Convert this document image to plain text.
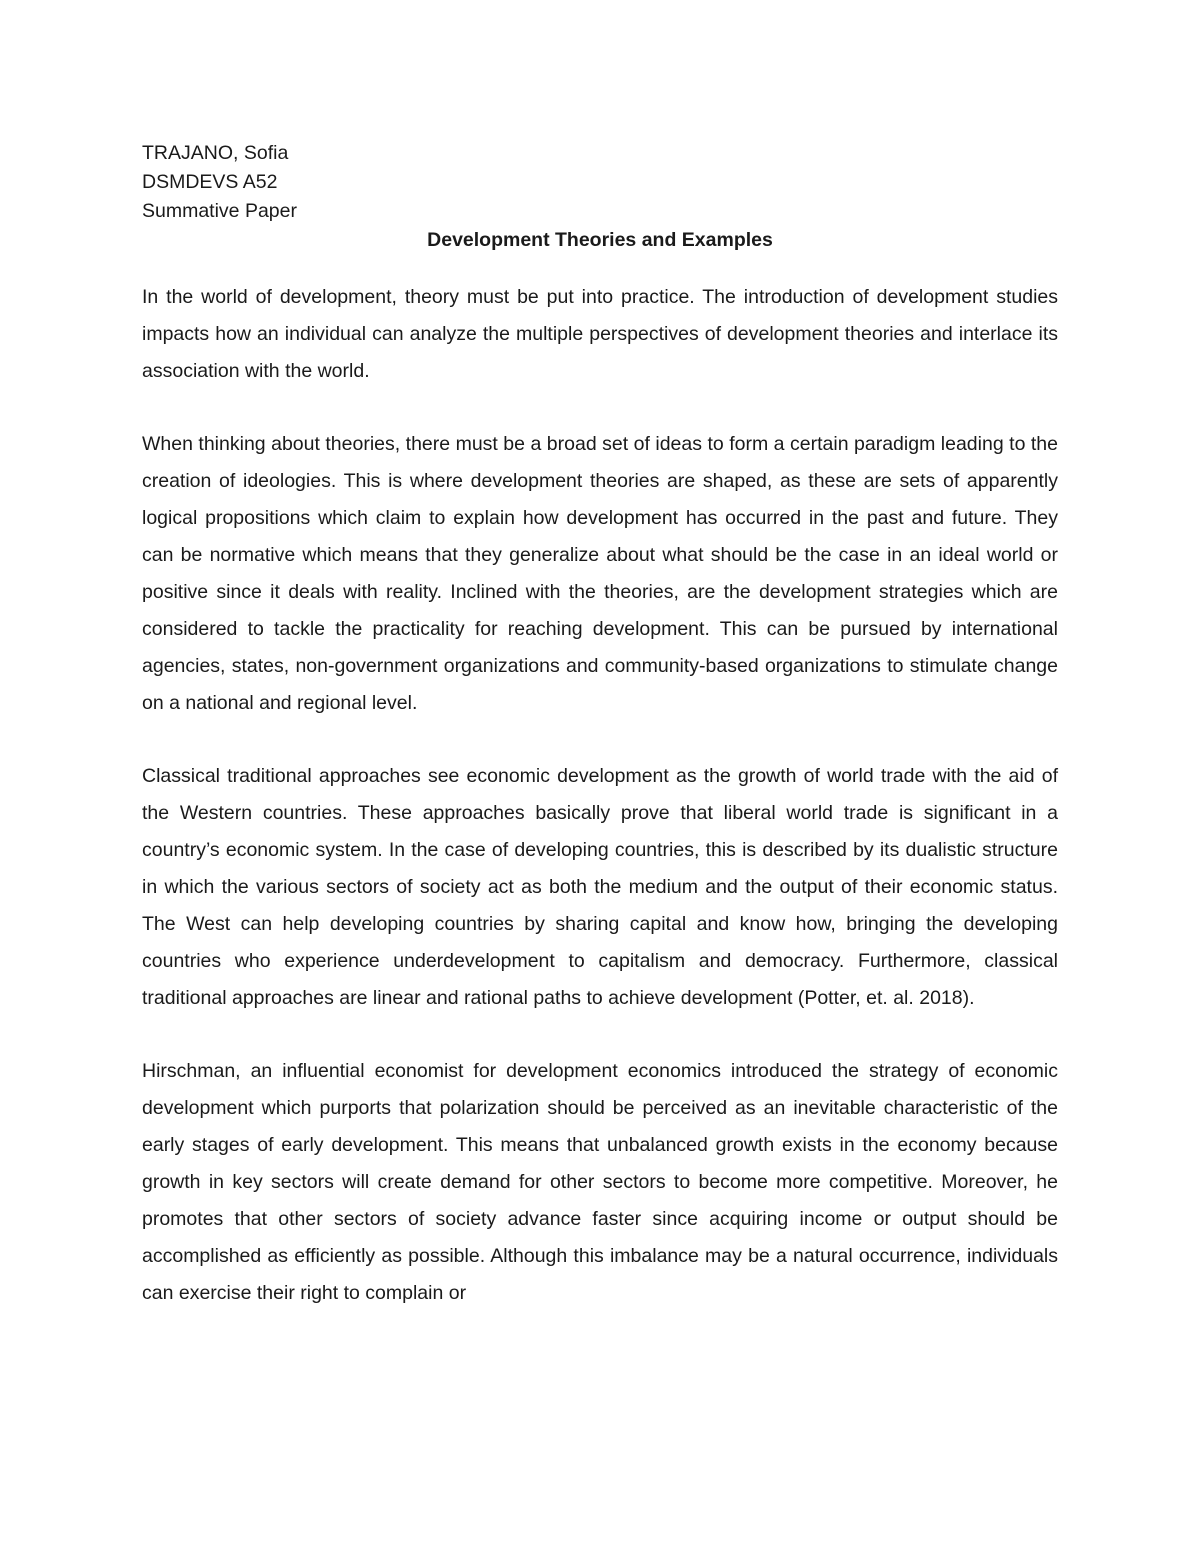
TRAJANO, Sofia

DSMDEVS A52

Summative Paper

Development Theories and Examples

In the world of development, theory must be put into practice. The introduction of development studies impacts how an individual can analyze the multiple perspectives of development theories and interlace its association with the world.

When thinking about theories, there must be a broad set of ideas to form a certain paradigm leading to the creation of ideologies. This is where development theories are shaped, as these are sets of apparently logical propositions which claim to explain how development has occurred in the past and future. They can be normative which means that they generalize about what should be the case in an ideal world or positive since it deals with reality. Inclined with the theories, are the development strategies which are considered to tackle the practicality for reaching development. This can be pursued by international agencies, states, non-government organizations and community-based organizations to stimulate change on a national and regional level.

Classical traditional approaches see economic development as the growth of world trade with the aid of the Western countries. These approaches basically prove that liberal world trade is significant in a country’s economic system. In the case of developing countries, this is described by its dualistic structure in which the various sectors of society act as both the medium and the output of their economic status. The West can help developing countries by sharing capital and know how, bringing the developing countries who experience underdevelopment to capitalism and democracy. Furthermore, classical traditional approaches are linear and rational paths to achieve development (Potter, et. al. 2018).

Hirschman, an influential economist for development economics introduced the strategy of economic development which purports that polarization should be perceived as an inevitable characteristic of the early stages of early development. This means that unbalanced growth exists in the economy because growth in key sectors will create demand for other sectors to become more competitive. Moreover, he promotes that other sectors of society advance faster since acquiring income or output should be accomplished as efficiently as possible. Although this imbalance may be a natural occurrence, individuals can exercise their right to complain or
